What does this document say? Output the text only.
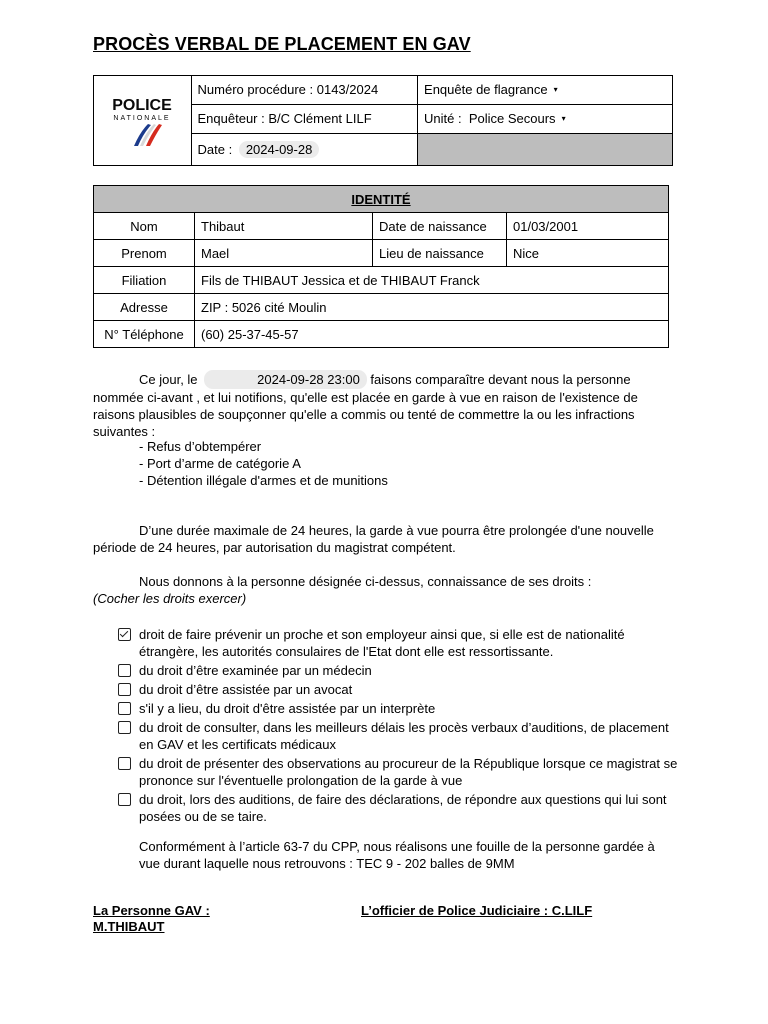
PROCÈS VERBAL DE PLACEMENT EN GAV
POLICE
NATIONALE	Numéro procédure : 0143/2024	Enquête de flagrance ▾
	Enquêteur : B/C Clément LILF	Unité : Police Secours ▾
	Date : 2024-09-28	
IDENTITÉ			
Nom	Thibaut	Date de naissance	01/03/2001
Prenom	Mael	Lieu de naissance	Nice
Filiation	Fils de THIBAUT Jessica et de THIBAUT Franck		
Adresse	ZIP : 5026 cité Moulin		
N° Téléphone	(60) 25-37-45-57		
Ce jour, le	2024-09-28 23:00 faisons comparaître devant nous la personne nommée ci-avant , et lui notifions, qu'elle est placée en garde à vue en raison de l'existence de raisons plausibles de soupçonner qu'elle a commis ou tenté de commettre la ou les infractions suivantes :
- Refus d’obtempérer
- Port d’arme de catégorie A
- Détention illégale d'armes et de munitions
D’une durée maximale de 24 heures, la garde à vue pourra être prolongée d'une nouvelle période de 24 heures, par autorisation du magistrat compétent.
Nous donnons à la personne désignée ci-dessus, connaissance de ses droits :
(Cocher les droits exercer)
droit de faire prévenir un proche et son employeur ainsi que, si elle est de nationalité étrangère, les autorités consulaires de l'Etat dont elle est ressortissante.
du droit d’être examinée par un médecin
du droit d’être assistée par un avocat
s'il y a lieu, du droit d'être assistée par un interprète
du droit de consulter, dans les meilleurs délais les procès verbaux d’auditions, de placement en GAV et les certificats médicaux
du droit de présenter des observations au procureur de la République lorsque ce magistrat se prononce sur l'éventuelle prolongation de la garde à vue
du droit, lors des auditions, de faire des déclarations, de répondre aux questions qui lui sont posées ou de se taire.
Conformément à l’article 63-7 du CPP, nous réalisons une fouille de la personne gardée à vue durant laquelle nous retrouvons : TEC 9 - 202 balles de 9MM
La Personne GAV :
M.THIBAUT
L’officier de Police Judiciaire : C.LILF
